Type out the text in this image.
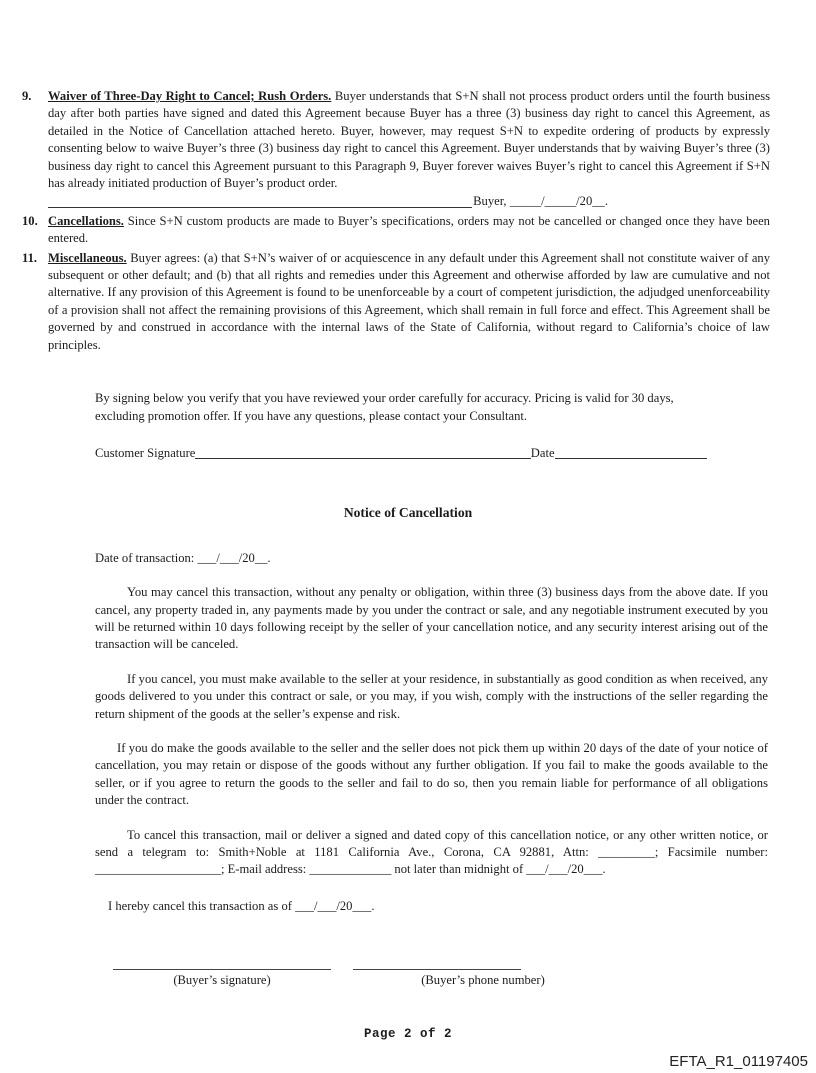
9.	Waiver of Three-Day Right to Cancel; Rush Orders. Buyer understands that S+N shall not process product orders until the fourth business day after both parties have signed and dated this Agreement because Buyer has a three (3) business day right to cancel this Agreement, as detailed in the Notice of Cancellation attached hereto. Buyer, however, may request S+N to expedite ordering of products by expressly consenting below to waive Buyer’s three (3) business day right to cancel this Agreement. Buyer understands that by waiving Buyer’s three (3) business day right to cancel this Agreement pursuant to this Paragraph 9, Buyer forever waives Buyer’s right to cancel this Agreement if S+N has already initiated production of Buyer’s product order.
Buyer, _____/_____/20__.
10. Cancellations. Since S+N custom products are made to Buyer’s specifications, orders may not be cancelled or changed once they have been entered.
11. Miscellaneous. Buyer agrees: (a) that S+N’s waiver of or acquiescence in any default under this Agreement shall not constitute waiver of any subsequent or other default; and (b) that all rights and remedies under this Agreement and otherwise afforded by law are cumulative and not alternative. If any provision of this Agreement is found to be unenforceable by a court of competent jurisdiction, the adjudged unenforceability of a provision shall not affect the remaining provisions of this Agreement, which shall remain in full force and effect. This Agreement shall be governed by and construed in accordance with the internal laws of the State of California, without regard to California’s choice of law principles.
By signing below you verify that you have reviewed your order carefully for accuracy. Pricing is valid for 30 days, excluding promotion offer. If you have any questions, please contact your Consultant.
Customer Signature	Date
Notice of Cancellation
Date of transaction: ___/___/20__.
You may cancel this transaction, without any penalty or obligation, within three (3) business days from the above date. If you cancel, any property traded in, any payments made by you under the contract or sale, and any negotiable instrument executed by you will be returned within 10 days following receipt by the seller of your cancellation notice, and any security interest arising out of the transaction will be canceled.
If you cancel, you must make available to the seller at your residence, in substantially as good condition as when received, any goods delivered to you under this contract or sale, or you may, if you wish, comply with the instructions of the seller regarding the return shipment of the goods at the seller’s expense and risk.
If you do make the goods available to the seller and the seller does not pick them up within 20 days of the date of your notice of cancellation, you may retain or dispose of the goods without any further obligation. If you fail to make the goods available to the seller, or if you agree to return the goods to the seller and fail to do so, then you remain liable for performance of all obligations under the contract.
To cancel this transaction, mail or deliver a signed and dated copy of this cancellation notice, or any other written notice, or send a telegram to: Smith+Noble at 1181 California Ave., Corona, CA 92881, Attn: _________; Facsimile number: ____________________; E-mail address: _____________ not later than midnight of ___/___/20___.
I hereby cancel this transaction as of ___/___/20___.
(Buyer’s signature)	(Buyer’s phone number)
Page 2 of 2
EFTA_R1_01197405
